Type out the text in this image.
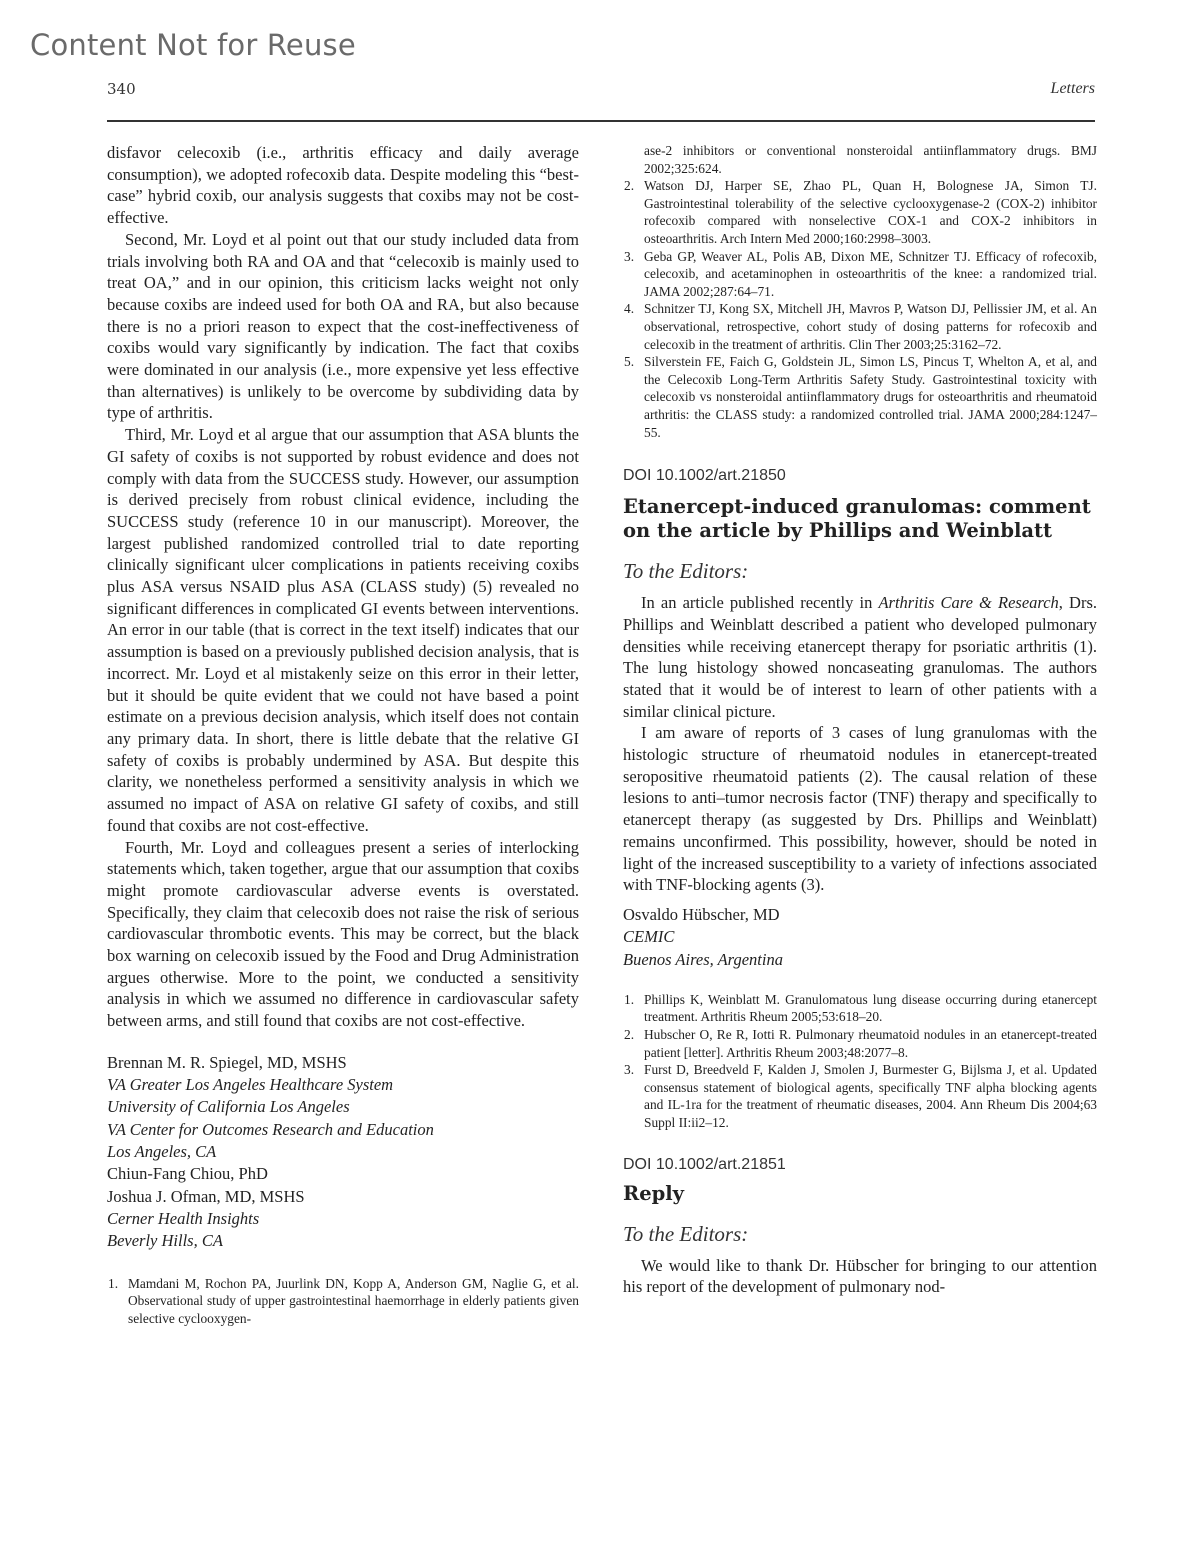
Content Not for Reuse
340	Letters

disfavor celecoxib (i.e., arthritis efficacy and daily average consumption), we adopted rofecoxib data. Despite modeling this “best-case” hybrid coxib, our analysis suggests that coxibs may not be cost-effective.

Second, Mr. Loyd et al point out that our study included data from trials involving both RA and OA and that “celecoxib is mainly used to treat OA,” and in our opinion, this criticism lacks weight not only because coxibs are indeed used for both OA and RA, but also because there is no a priori reason to expect that the cost-ineffectiveness of coxibs would vary significantly by indication. The fact that coxibs were dominated in our analysis (i.e., more expensive yet less effective than alternatives) is unlikely to be overcome by subdividing data by type of arthritis.

Third, Mr. Loyd et al argue that our assumption that ASA blunts the GI safety of coxibs is not supported by robust evidence and does not comply with data from the SUCCESS study. However, our assumption is derived precisely from robust clinical evidence, including the SUCCESS study (reference 10 in our manuscript). Moreover, the largest published randomized controlled trial to date reporting clinically significant ulcer complications in patients receiving coxibs plus ASA versus NSAID plus ASA (CLASS study) (5) revealed no significant differences in complicated GI events between interventions. An error in our table (that is correct in the text itself) indicates that our assumption is based on a previously published decision analysis, that is incorrect. Mr. Loyd et al mistakenly seize on this error in their letter, but it should be quite evident that we could not have based a point estimate on a previous decision analysis, which itself does not contain any primary data. In short, there is little debate that the relative GI safety of coxibs is probably undermined by ASA. But despite this clarity, we nonetheless performed a sensitivity analysis in which we assumed no impact of ASA on relative GI safety of coxibs, and still found that coxibs are not cost-effective.

Fourth, Mr. Loyd and colleagues present a series of interlocking statements which, taken together, argue that our assumption that coxibs might promote cardiovascular adverse events is overstated. Specifically, they claim that celecoxib does not raise the risk of serious cardiovascular thrombotic events. This may be correct, but the black box warning on celecoxib issued by the Food and Drug Administration argues otherwise. More to the point, we conducted a sensitivity analysis in which we assumed no difference in cardiovascular safety between arms, and still found that coxibs are not cost-effective.

Brennan M. R. Spiegel, MD, MSHS

VA Greater Los Angeles Healthcare System

University of California Los Angeles

VA Center for Outcomes Research and Education

Los Angeles, CA

Chiun-Fang Chiou, PhD

Joshua J. Ofman, MD, MSHS

Cerner Health Insights

Beverly Hills, CA

1. Mamdani M, Rochon PA, Juurlink DN, Kopp A, Anderson GM, Naglie G, et al. Observational study of upper gastrointestinal haemorrhage in elderly patients given selective cyclooxygen-
ase-2 inhibitors or conventional nonsteroidal antiinflammatory drugs. BMJ 2002;325:624.
2. Watson DJ, Harper SE, Zhao PL, Quan H, Bolognese JA, Simon TJ. Gastrointestinal tolerability of the selective cyclooxygenase-2 (COX-2) inhibitor rofecoxib compared with nonselective COX-1 and COX-2 inhibitors in osteoarthritis. Arch Intern Med 2000;160:2998–3003.
3. Geba GP, Weaver AL, Polis AB, Dixon ME, Schnitzer TJ. Efficacy of rofecoxib, celecoxib, and acetaminophen in osteoarthritis of the knee: a randomized trial. JAMA 2002;287:64–71.
4. Schnitzer TJ, Kong SX, Mitchell JH, Mavros P, Watson DJ, Pellissier JM, et al. An observational, retrospective, cohort study of dosing patterns for rofecoxib and celecoxib in the treatment of arthritis. Clin Ther 2003;25:3162–72.
5. Silverstein FE, Faich G, Goldstein JL, Simon LS, Pincus T, Whelton A, et al, and the Celecoxib Long-Term Arthritis Safety Study. Gastrointestinal toxicity with celecoxib vs nonsteroidal antiinflammatory drugs for osteoarthritis and rheumatoid arthritis: the CLASS study: a randomized controlled trial. JAMA 2000;284:1247–55.

DOI 10.1002/art.21850

Etanercept-induced granulomas: comment on the article by Phillips and Weinblatt

To the Editors:

In an article published recently in Arthritis Care & Research, Drs. Phillips and Weinblatt described a patient who developed pulmonary densities while receiving etanercept therapy for psoriatic arthritis (1). The lung histology showed noncaseating granulomas. The authors stated that it would be of interest to learn of other patients with a similar clinical picture.

I am aware of reports of 3 cases of lung granulomas with the histologic structure of rheumatoid nodules in etanercept-treated seropositive rheumatoid patients (2). The causal relation of these lesions to anti–tumor necrosis factor (TNF) therapy and specifically to etanercept therapy (as suggested by Drs. Phillips and Weinblatt) remains unconfirmed. This possibility, however, should be noted in light of the increased susceptibility to a variety of infections associated with TNF-blocking agents (3).

Osvaldo Hübscher, MD

CEMIC

Buenos Aires, Argentina

1. Phillips K, Weinblatt M. Granulomatous lung disease occurring during etanercept treatment. Arthritis Rheum 2005;53:618–20.
2. Hubscher O, Re R, Iotti R. Pulmonary rheumatoid nodules in an etanercept-treated patient [letter]. Arthritis Rheum 2003;48:2077–8.
3. Furst D, Breedveld F, Kalden J, Smolen J, Burmester G, Bijlsma J, et al. Updated consensus statement of biological agents, specifically TNF alpha blocking agents and IL-1ra for the treatment of rheumatic diseases, 2004. Ann Rheum Dis 2004;63 Suppl II:ii2–12.

DOI 10.1002/art.21851

Reply

To the Editors:

We would like to thank Dr. Hübscher for bringing to our attention his report of the development of pulmonary nod-
